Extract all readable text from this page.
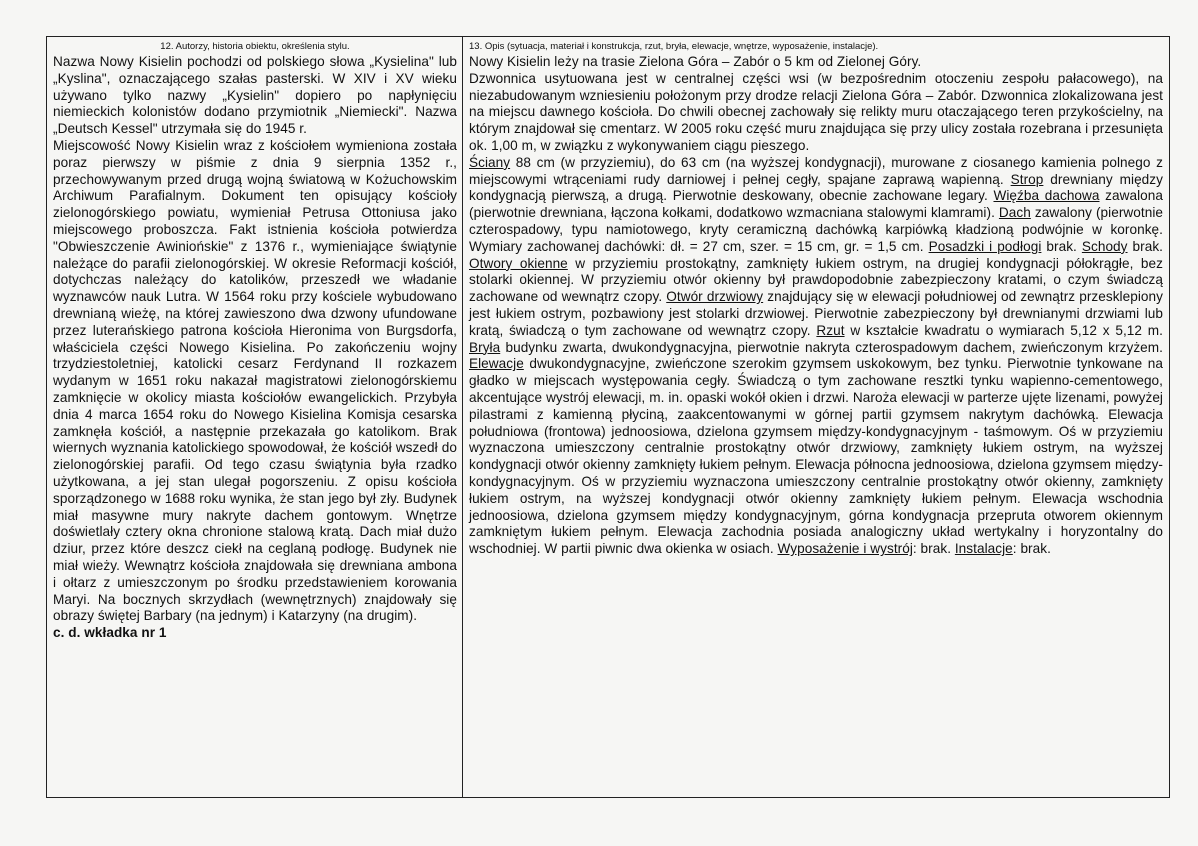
12. Autorzy, historia obiektu, określenia stylu.

Nazwa Nowy Kisielin pochodzi od polskiego słowa „Kysielina" lub „Kyslina", oznaczającego szałas pasterski. W XIV i XV wieku używano tylko nazwy „Kysielin" dopiero po napłynięciu niemieckich kolonistów dodano przymiotnik „Niemiecki". Nazwa „Deutsch Kessel" utrzymała się do 1945 r.

Miejscowość Nowy Kisielin wraz z kościołem wymieniona została poraz pierwszy w piśmie z dnia 9 sierpnia 1352 r., przechowywanym przed drugą wojną światową w Kożuchowskim Archiwum Parafialnym. Dokument ten opisujący kościoły zielonogórskiego powiatu, wymieniał Petrusa Ottoniusa jako miejscowego proboszcza. Fakt istnienia kościoła potwierdza "Obwieszczenie Awiniońskie" z 1376 r., wymieniające świątynie należące do parafii zielonogórskiej. W okresie Reformacji kościół, dotychczas należący do katolików, przeszedł we władanie wyznawców nauk Lutra. W 1564 roku przy kościele wybudowano drewnianą wieżę, na której zawieszono dwa dzwony ufundowane przez luterańskiego patrona kościoła Hieronima von Burgsdorfa, właściciela części Nowego Kisielina. Po zakończeniu wojny trzydziestoletniej, katolicki cesarz Ferdynand II rozkazem wydanym w 1651 roku nakazał magistratowi zielonogórskiemu zamknięcie w okolicy miasta kościołów ewangelickich. Przybyła dnia 4 marca 1654 roku do Nowego Kisielina Komisja cesarska zamknęła kościół, a następnie przekazała go katolikom. Brak wiernych wyznania katolickiego spowodował, że kościół wszedł do zielonogórskiej parafii. Od tego czasu świątynia była rzadko użytkowana, a jej stan ulegał pogorszeniu. Z opisu kościoła sporządzonego w 1688 roku wynika, że stan jego był zły. Budynek miał masywne mury nakryte dachem gontowym. Wnętrze doświetlały cztery okna chronione stalową kratą. Dach miał dużo dziur, przez które deszcz ciekł na ceglaną podłogę. Budynek nie miał wieży. Wewnątrz kościoła znajdowała się drewniana ambona i ołtarz z umieszczonym po środku przedstawieniem korowania Maryi. Na bocznych skrzydłach (wewnętrznych) znajdowały się obrazy świętej Barbary (na jednym) i Katarzyny (na drugim).

c. d. wkładka nr 1

13. Opis (sytuacja, materiał i konstrukcja, rzut, bryła, elewacje, wnętrze, wyposażenie, instalacje).

Nowy Kisielin leży na trasie Zielona Góra – Zabór o 5 km od Zielonej Góry.

Dzwonnica usytuowana jest w centralnej części wsi (w bezpośrednim otoczeniu zespołu pałacowego), na niezabudowanym wzniesieniu położonym przy drodze relacji Zielona Góra – Zabór. Dzwonnica zlokalizowana jest na miejscu dawnego kościoła. Do chwili obecnej zachowały się relikty muru otaczającego teren przykościelny, na którym znajdował się cmentarz. W 2005 roku część muru znajdująca się przy ulicy została rozebrana i przesunięta ok. 1,00 m, w związku z wykonywaniem ciągu pieszego.

Ściany 88 cm (w przyziemiu), do 63 cm (na wyższej kondygnacji), murowane z ciosanego kamienia polnego z miejscowymi wtrąceniami rudy darniowej i pełnej cegły, spajane zaprawą wapienną. Strop drewniany między kondygnacją pierwszą, a drugą. Pierwotnie deskowany, obecnie zachowane legary. Więźba dachowa zawalona (pierwotnie drewniana, łączona kołkami, dodatkowo wzmacniana stalowymi klamrami). Dach zawalony (pierwotnie czterospadowy, typu namiotowego, kryty ceramiczną dachówką karpiówką kładzioną podwójnie w koronkę. Wymiary zachowanej dachówki: dł. = 27 cm, szer. = 15 cm, gr. = 1,5 cm. Posadzki i podłogi brak. Schody brak. Otwory okienne w przyziemiu prostokątny, zamknięty łukiem ostrym, na drugiej kondygnacji półokrągłe, bez stolarki okiennej. W przyziemiu otwór okienny był prawdopodobnie zabezpieczony kratami, o czym świadczą zachowane od wewnątrz czopy. Otwór drzwiowy znajdujący się w elewacji południowej od zewnątrz przesklepiony jest łukiem ostrym, pozbawiony jest stolarki drzwiowej. Pierwotnie zabezpieczony był drewnianymi drzwiami lub kratą, świadczą o tym zachowane od wewnątrz czopy. Rzut w kształcie kwadratu o wymiarach 5,12 x 5,12 m. Bryła budynku zwarta, dwukondygnacyjna, pierwotnie nakryta czterospadowym dachem, zwieńczonym krzyżem. Elewacje dwukondygnacyjne, zwieńczone szerokim gzymsem uskokowym, bez tynku. Pierwotnie tynkowane na gładko w miejscach występowania cegły. Świadczą o tym zachowane resztki tynku wapienno-cementowego, akcentujące wystrój elewacji, m. in. opaski wokół okien i drzwi. Naroża elewacji w parterze ujęte lizenami, powyżej pilastrami z kamienną płyciną, zaakcentowanymi w górnej partii gzymsem nakrytym dachówką. Elewacja południowa (frontowa) jednoosiowa, dzielona gzymsem między-kondygnacyjnym - taśmowym. Oś w przyziemiu wyznaczona umieszczony centralnie prostokątny otwór drzwiowy, zamknięty łukiem ostrym, na wyższej kondygnacji otwór okienny zamknięty łukiem pełnym. Elewacja północna jednoosiowa, dzielona gzymsem między-kondygnacyjnym. Oś w przyziemiu wyznaczona umieszczony centralnie prostokątny otwór okienny, zamknięty łukiem ostrym, na wyższej kondygnacji otwór okienny zamknięty łukiem pełnym. Elewacja wschodnia jednoosiowa, dzielona gzymsem między kondygnacyjnym, górna kondygnacja przepruta otworem okiennym zamkniętym łukiem pełnym. Elewacja zachodnia posiada analogiczny układ wertykalny i horyzontalny do wschodniej. W partii piwnic dwa okienka w osiach. Wyposażenie i wystrój: brak. Instalacje: brak.
